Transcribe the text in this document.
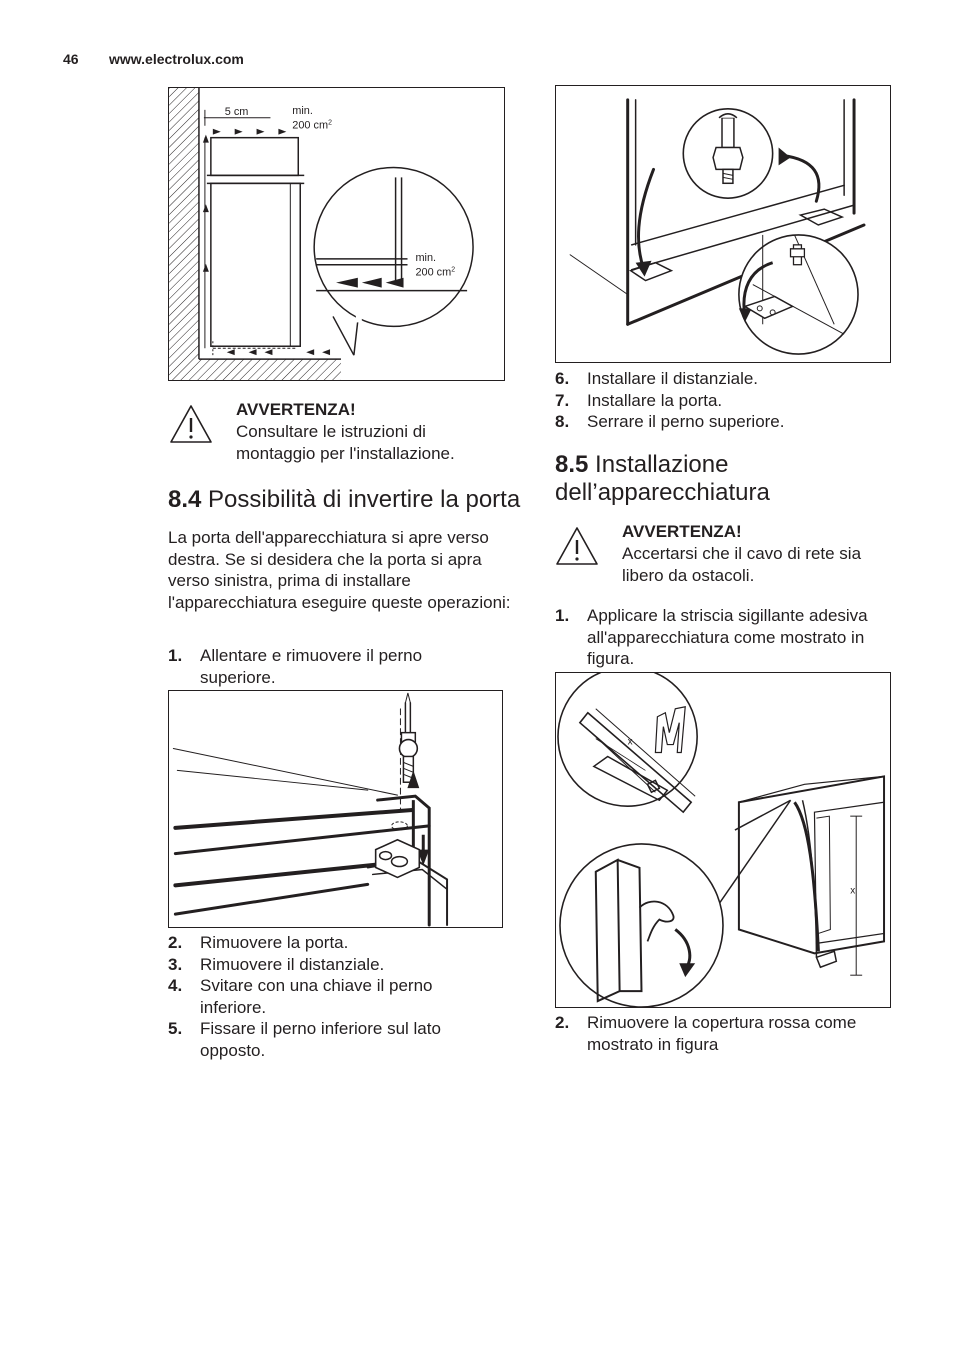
46 www.electrolux.com
5 cm	min.
200 $cm^2$
min.
200 $cm^2$
AVVERTENZA!
Consultare le istruzioni di montaggio per l'installazione.
8.4 Possibilità di invertire la porta
La porta dell'apparecchiatura si apre verso destra. Se si desidera che la porta si apra verso sinistra, prima di installare l'apparecchiatura eseguire queste operazioni:
1. Allentare e rimuovere il perno superiore.
2. Rimuovere la porta.
3. Rimuovere il distanziale.
4. Svitare con una chiave il perno inferiore.
5. Fissare il perno inferiore sul lato opposto.
6. Installare il distanziale.
7. Installare la porta.
8. Serrare il perno superiore.
8.5 Installazione
dell’apparecchiatura
AVVERTENZA!
Accertarsi che il cavo di rete sia libero da ostacoli.
1. Applicare la striscia sigillante adesiva all'apparecchiatura come mostrato in figura.
x
x
2. Rimuovere la copertura rossa come mostrato in figura
